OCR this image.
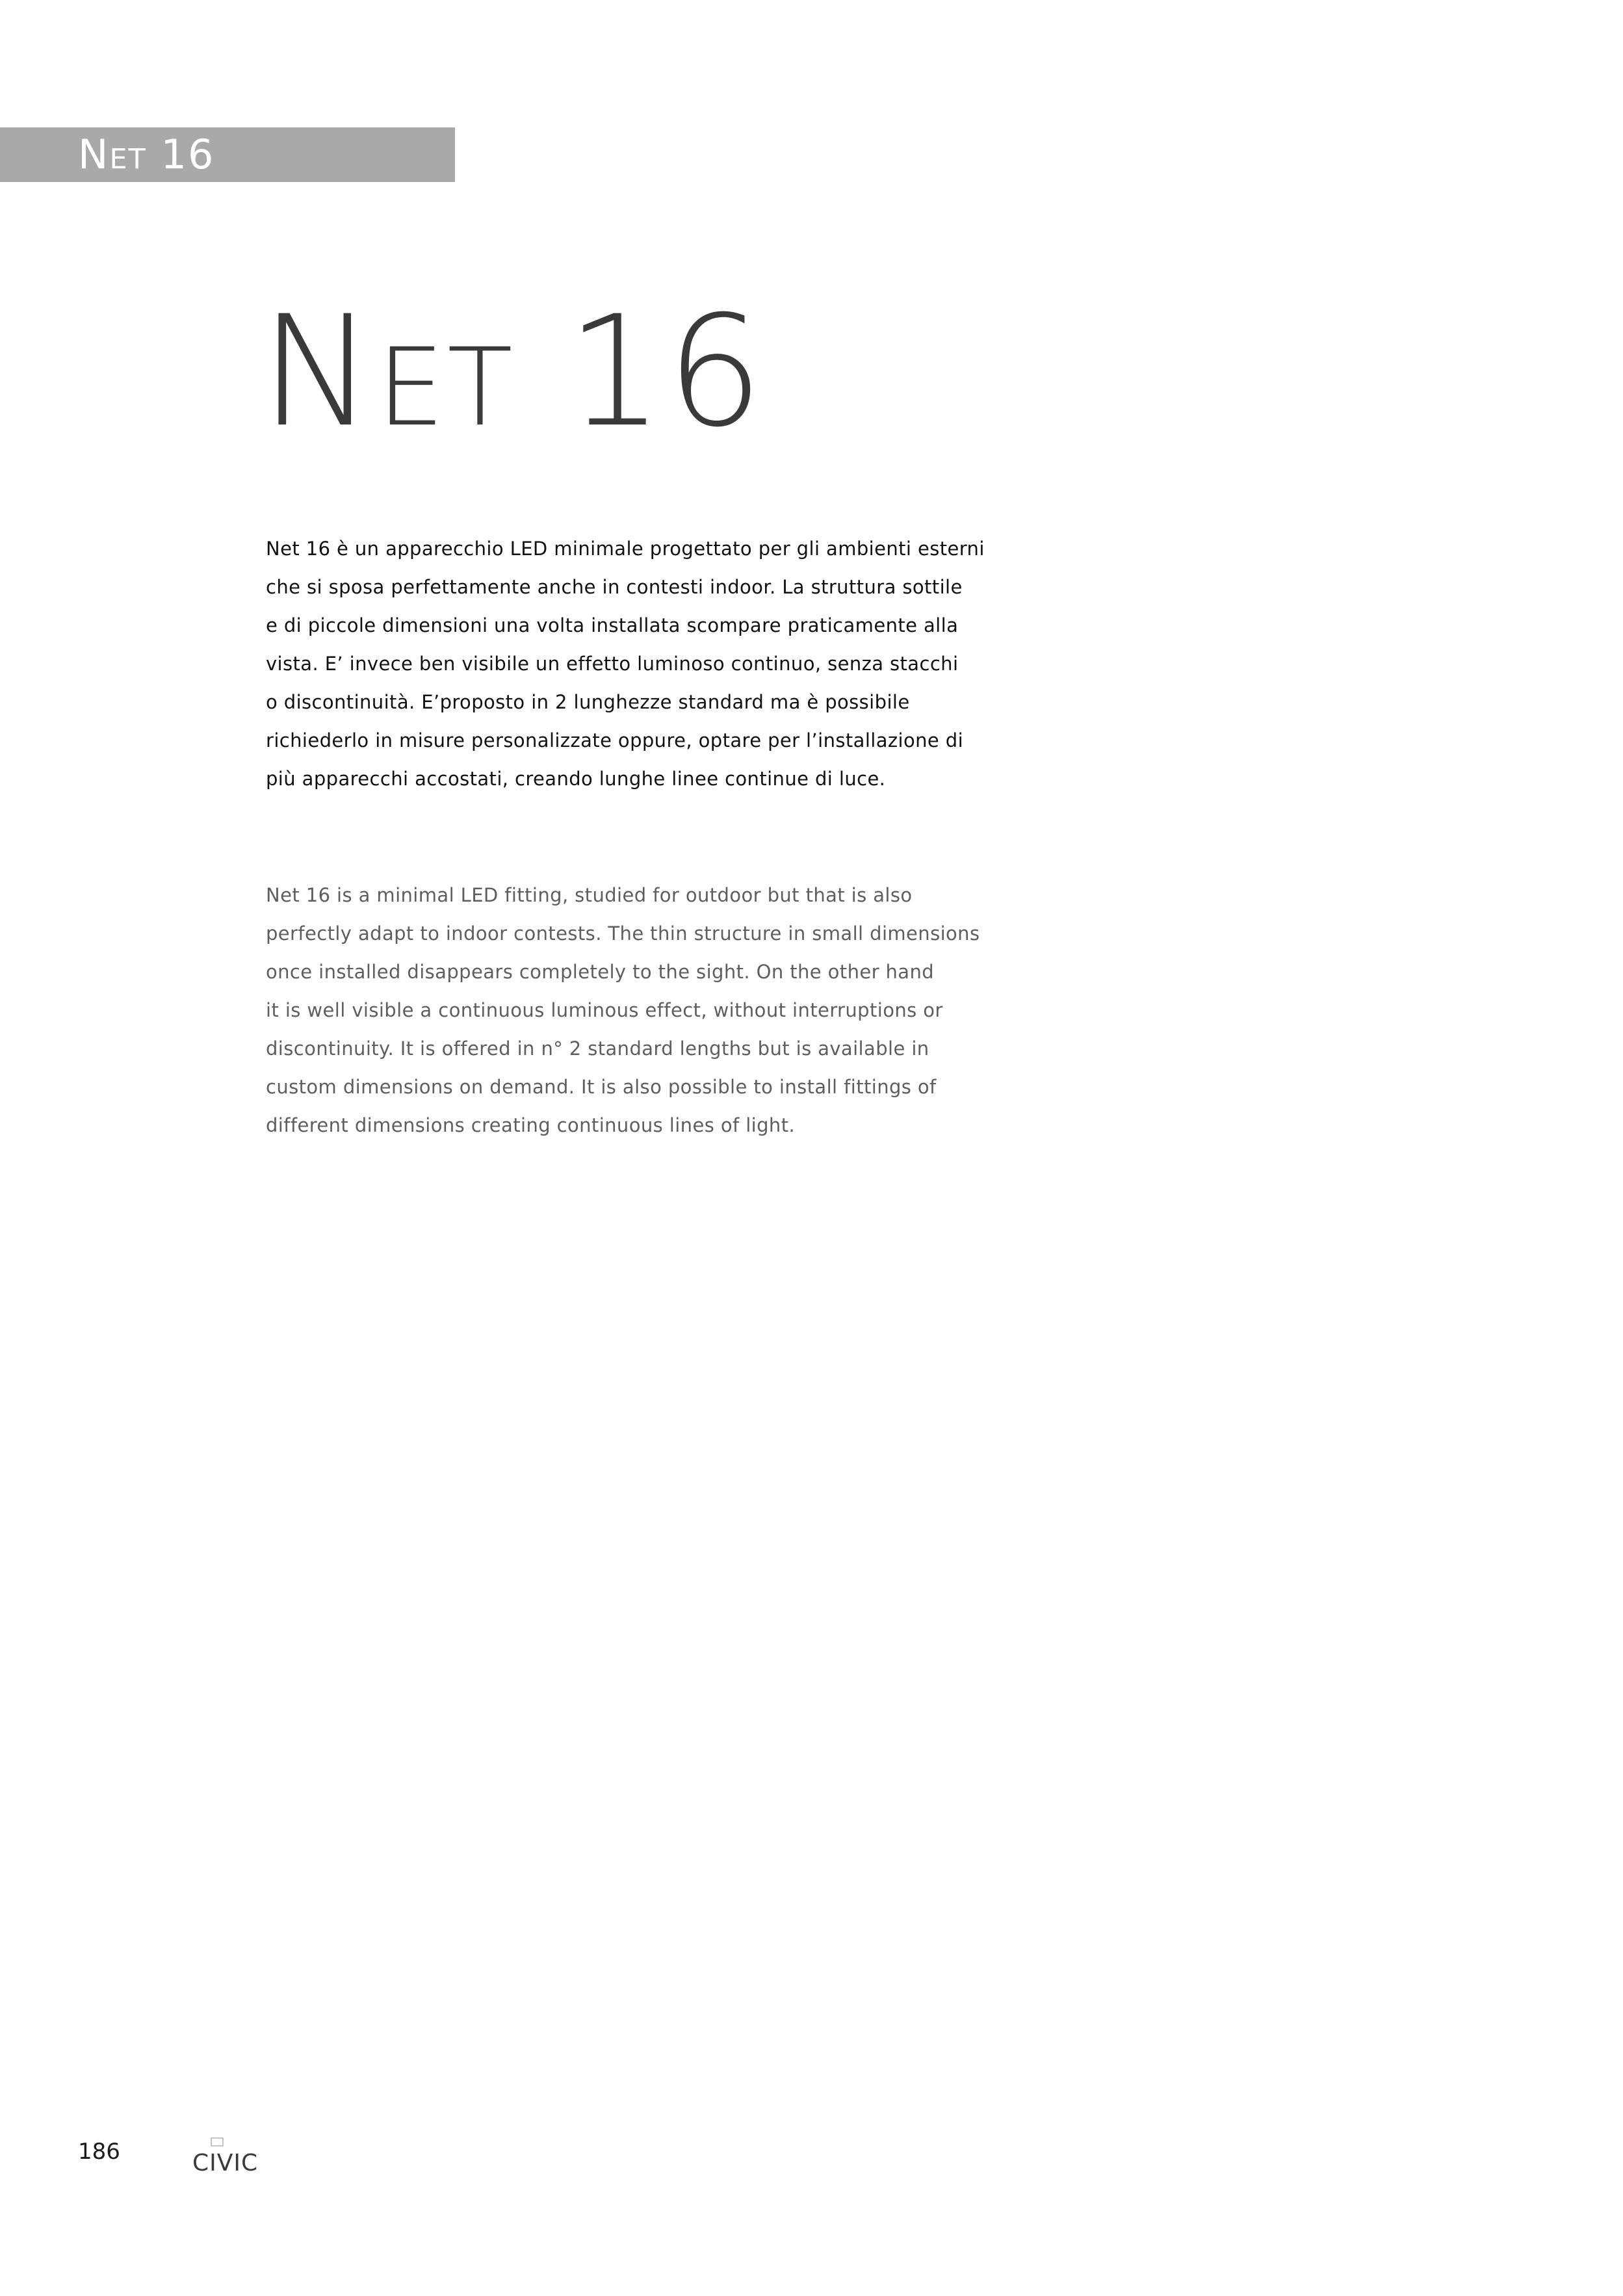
Net 16
Net 16
Net 16 è un apparecchio LED minimale progettato per gli ambienti esterni
che si sposa perfettamente anche in contesti indoor. La struttura sottile
e di piccole dimensioni una volta installata scompare praticamente alla
vista. E’ invece ben visibile un effetto luminoso continuo, senza stacchi
o discontinuità. E’proposto in 2 lunghezze standard ma è possibile
richiederlo in misure personalizzate oppure, optare per l’installazione di
più apparecchi accostati, creando lunghe linee continue di luce.
Net 16 is a minimal LED fitting, studied for outdoor but that is also
perfectly adapt to indoor contests. The thin structure in small dimensions
once installed disappears completely to the sight. On the other hand
it is well visible a continuous luminous effect, without interruptions or
discontinuity. It is offered in n° 2 standard lengths but is available in
custom dimensions on demand. It is also possible to install fittings of
different dimensions creating continuous lines of light.
186	CIVIC
